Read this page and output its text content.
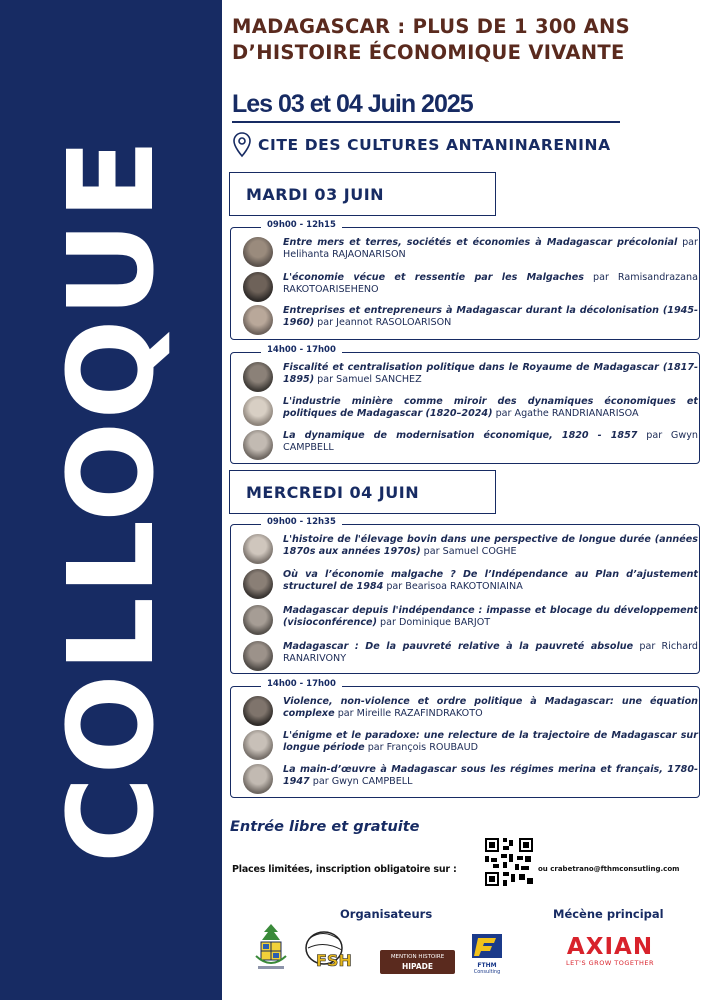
COLLOQUE
MADAGASCAR : PLUS DE 1 300 ANS
D’HISTOIRE ÉCONOMIQUE VIVANTE
Les 03 et 04 Juin 2025
CITE DES CULTURES ANTANINARENINA
MARDI 03 JUIN
09h00 - 12h15
Entre mers et terres, sociétés et économies à Madagascar précolonial par Helihanta RAJAONARISON
L'économie vécue et ressentie par les Malgaches par Ramisandrazana RAKOTOARISEHENO
Entreprises et entrepreneurs à Madagascar durant la décolonisation (1945-1960) par Jeannot RASOLOARISON
14h00 - 17h00
Fiscalité et centralisation politique dans le Royaume de Madagascar (1817-1895) par Samuel SANCHEZ
L'industrie minière comme miroir des dynamiques économiques et politiques de Madagascar (1820–2024) par Agathe RANDRIANARISOA
La dynamique de modernisation économique, 1820 - 1857 par Gwyn CAMPBELL
MERCREDI 04 JUIN
09h00 - 12h35
L'histoire de l'élevage bovin dans une perspective de longue durée (années 1870s aux années 1970s) par Samuel COGHE
Où va l’économie malgache ? De l’Indépendance au Plan d’ajustement structurel de 1984 par Bearisoa RAKOTONIAINA
Madagascar depuis l'indépendance : impasse et blocage du développement (visioconférence) par Dominique BARJOT
Madagascar : De la pauvreté relative à la pauvreté absolue par Richard RANARIVONY
14h00 - 17h00
Violence, non-violence et ordre politique à Madagascar: une équation complexe par Mireille RAZAFINDRAKOTO
L'énigme et le paradoxe: une relecture de la trajectoire de Madagascar sur longue période par François ROUBAUD
La main-d’œuvre à Madagascar sous les régimes merina et français, 1780-1947 par Gwyn CAMPBELL
Entrée libre et gratuite
Places limitées, inscription obligatoire sur :	ou crabetrano@fthmconsutling.com
Organisateurs	Mécène principal
FSH	MENTION HISTOIRE
HIPADE	FTHM
Consulting
AXIAN
LET'S GROW TOGETHER
